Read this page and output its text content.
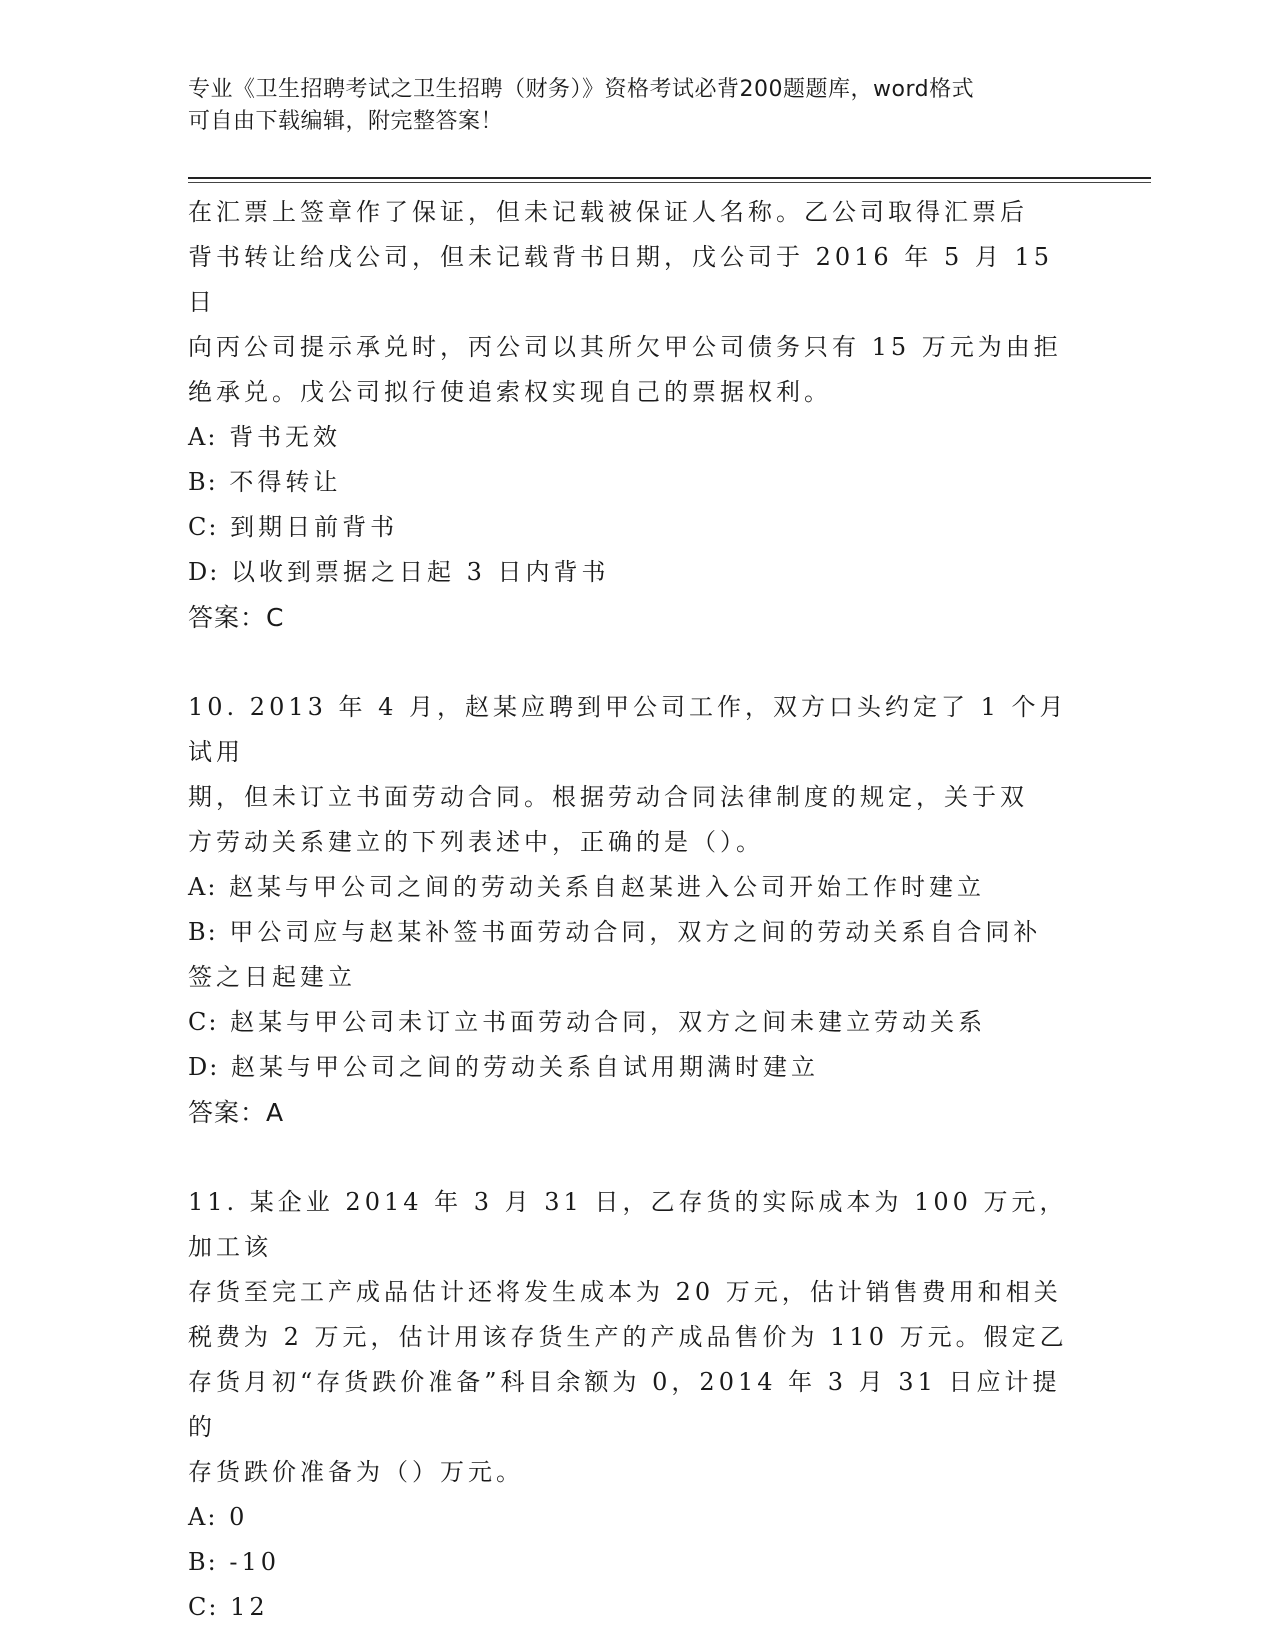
专业《卫生招聘考试之卫生招聘（财务）》资格考试必背200题题库，word格式
可自由下载编辑，附完整答案！

在汇票上签章作了保证，但未记载被保证人名称。乙公司取得汇票后

背书转让给戊公司，但未记载背书日期，戊公司于 2016 年 5 月 15 日

向丙公司提示承兑时，丙公司以其所欠甲公司债务只有 15 万元为由拒

绝承兑。戊公司拟行使追索权实现自己的票据权利。

A: 背书无效

B: 不得转让

C: 到期日前背书

D: 以收到票据之日起 3 日内背书

答案：C

10. 2013 年 4 月，赵某应聘到甲公司工作，双方口头约定了 1 个月试用

期，但未订立书面劳动合同。根据劳动合同法律制度的规定，关于双

方劳动关系建立的下列表述中，正确的是（）。

A: 赵某与甲公司之间的劳动关系自赵某进入公司开始工作时建立

B: 甲公司应与赵某补签书面劳动合同，双方之间的劳动关系自合同补

签之日起建立

C: 赵某与甲公司未订立书面劳动合同，双方之间未建立劳动关系

D: 赵某与甲公司之间的劳动关系自试用期满时建立

答案：A

11. 某企业 2014 年 3 月 31 日，乙存货的实际成本为 100 万元，加工该

存货至完工产成品估计还将发生成本为 20 万元，估计销售费用和相关

税费为 2 万元，估计用该存货生产的产成品售价为 110 万元。假定乙

存货月初“存货跌价准备”科目余额为 0，2014 年 3 月 31 日应计提的

存货跌价准备为（）万元。

A: 0

B: -10

C: 12
